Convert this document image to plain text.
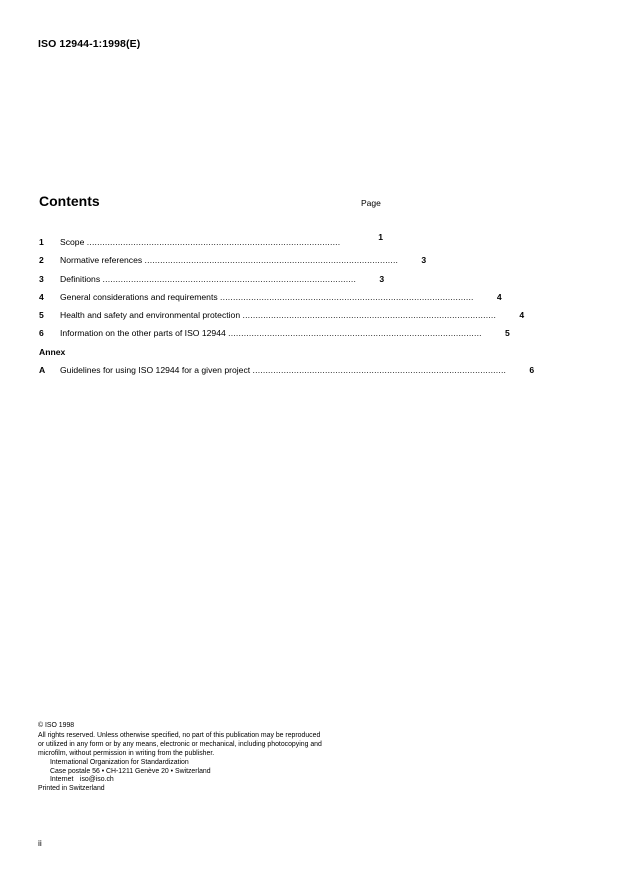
ISO 12944-1:1998(E)
Contents	Page
1	Scope ..................................................................................................	1
2	Normative references ..................................................................................................	3
3	Definitions ..................................................................................................	3
4	General considerations and requirements ..................................................................................................	4
5	Health and safety and environmental protection ..................................................................................................	4
6	Information on the other parts of ISO 12944 ..................................................................................................	5
Annex
A	Guidelines for using ISO 12944 for a given project ..................................................................................................	6
© ISO 1998
All rights reserved. Unless otherwise specified, no part of this publication may be reproduced
or utilized in any form or by any means, electronic or mechanical, including photocopying and
microfilm, without permission in writing from the publisher.
International Organization for Standardization
Case postale 56 • CH-1211 Genève 20 • Switzerland
Internet iso@iso.ch
Printed in Switzerland
ii
